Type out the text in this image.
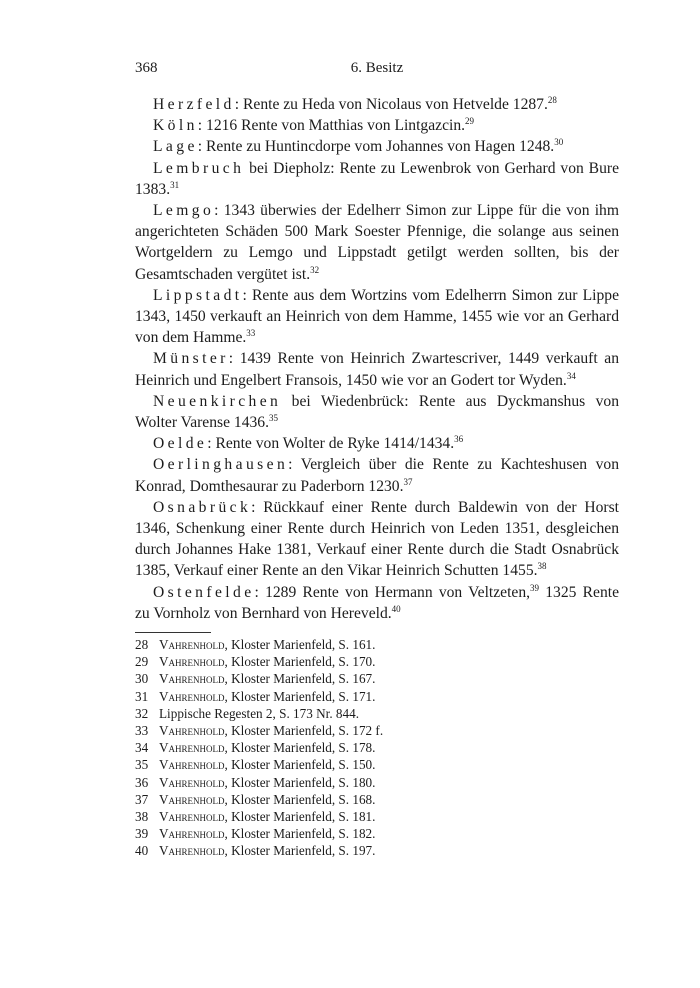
368	6. Besitz

Herzfeld: Rente zu Heda von Nicolaus von Hetvelde 1287.28

Köln: 1216 Rente von Matthias von Lintgazcin.$^{29}$

Lage: Rente zu Huntincdorpe vom Johannes von Hagen 1248.30

Lembruch bei Diepholz: Rente zu Lewenbrok von Gerhard von Bure 1383.31

Lemgo: 1343 überwies der Edelherr Simon zur Lippe für die von ihm angerichteten Schäden 500 Mark Soester Pfennige, die solange aus seinen Wortgeldern zu Lemgo und Lippstadt getilgt werden sollten, bis der Gesamtschaden vergütet ist.$^{32}$

Lippstadt: Rente aus dem Wortzins vom Edelherrn Simon zur Lippe 1343, 1450 verkauft an Heinrich von dem Hamme, 1455 wie vor an Gerhard von dem Hamme.$^{33}$

Münster: 1439 Rente von Heinrich Zwartescriver, 1449 verkauft an Heinrich und Engelbert Fransois, 1450 wie vor an Godert tor Wyden.$^{34}$

Neuenkirchen bei Wiedenbrück: Rente aus Dyckmanshus von Wolter Varense 1436.35

Oelde: Rente von Wolter de Ryke 1414/1434.36

Oerlinghausen: Vergleich über die Rente zu Kachteshusen von Konrad, Domthesaurar zu Paderborn 1230.37

Osnabrück: Rückkauf einer Rente durch Baldewin von der Horst 1346, Schenkung einer Rente durch Heinrich von Leden 1351, desgleichen durch Johannes Hake 1381, Verkauf einer Rente durch die Stadt Osnabrück 1385, Verkauf einer Rente an den Vikar Heinrich Schutten 1455.38

Ostenfelde: 1289 Rente von Hermann von Veltzeten,$^{39}$ 1325 Rente zu Vornholz von Bernhard von Hereveld.$^{40}$

28 Vahrenhold, Kloster Marienfeld, S. 161.
29 Vahrenhold, Kloster Marienfeld, S. 170.
30 Vahrenhold, Kloster Marienfeld, S. 167.
31 Vahrenhold, Kloster Marienfeld, S. 171.
32 Lippische Regesten 2, S. 173 Nr. 844.
33 Vahrenhold, Kloster Marienfeld, S. 172 f.
34 Vahrenhold, Kloster Marienfeld, S. 178.
35 Vahrenhold, Kloster Marienfeld, S. 150.
36 Vahrenhold, Kloster Marienfeld, S. 180.
37 Vahrenhold, Kloster Marienfeld, S. 168.
38 Vahrenhold, Kloster Marienfeld, S. 181.
39 Vahrenhold, Kloster Marienfeld, S. 182.
40 Vahrenhold, Kloster Marienfeld, S. 197.
